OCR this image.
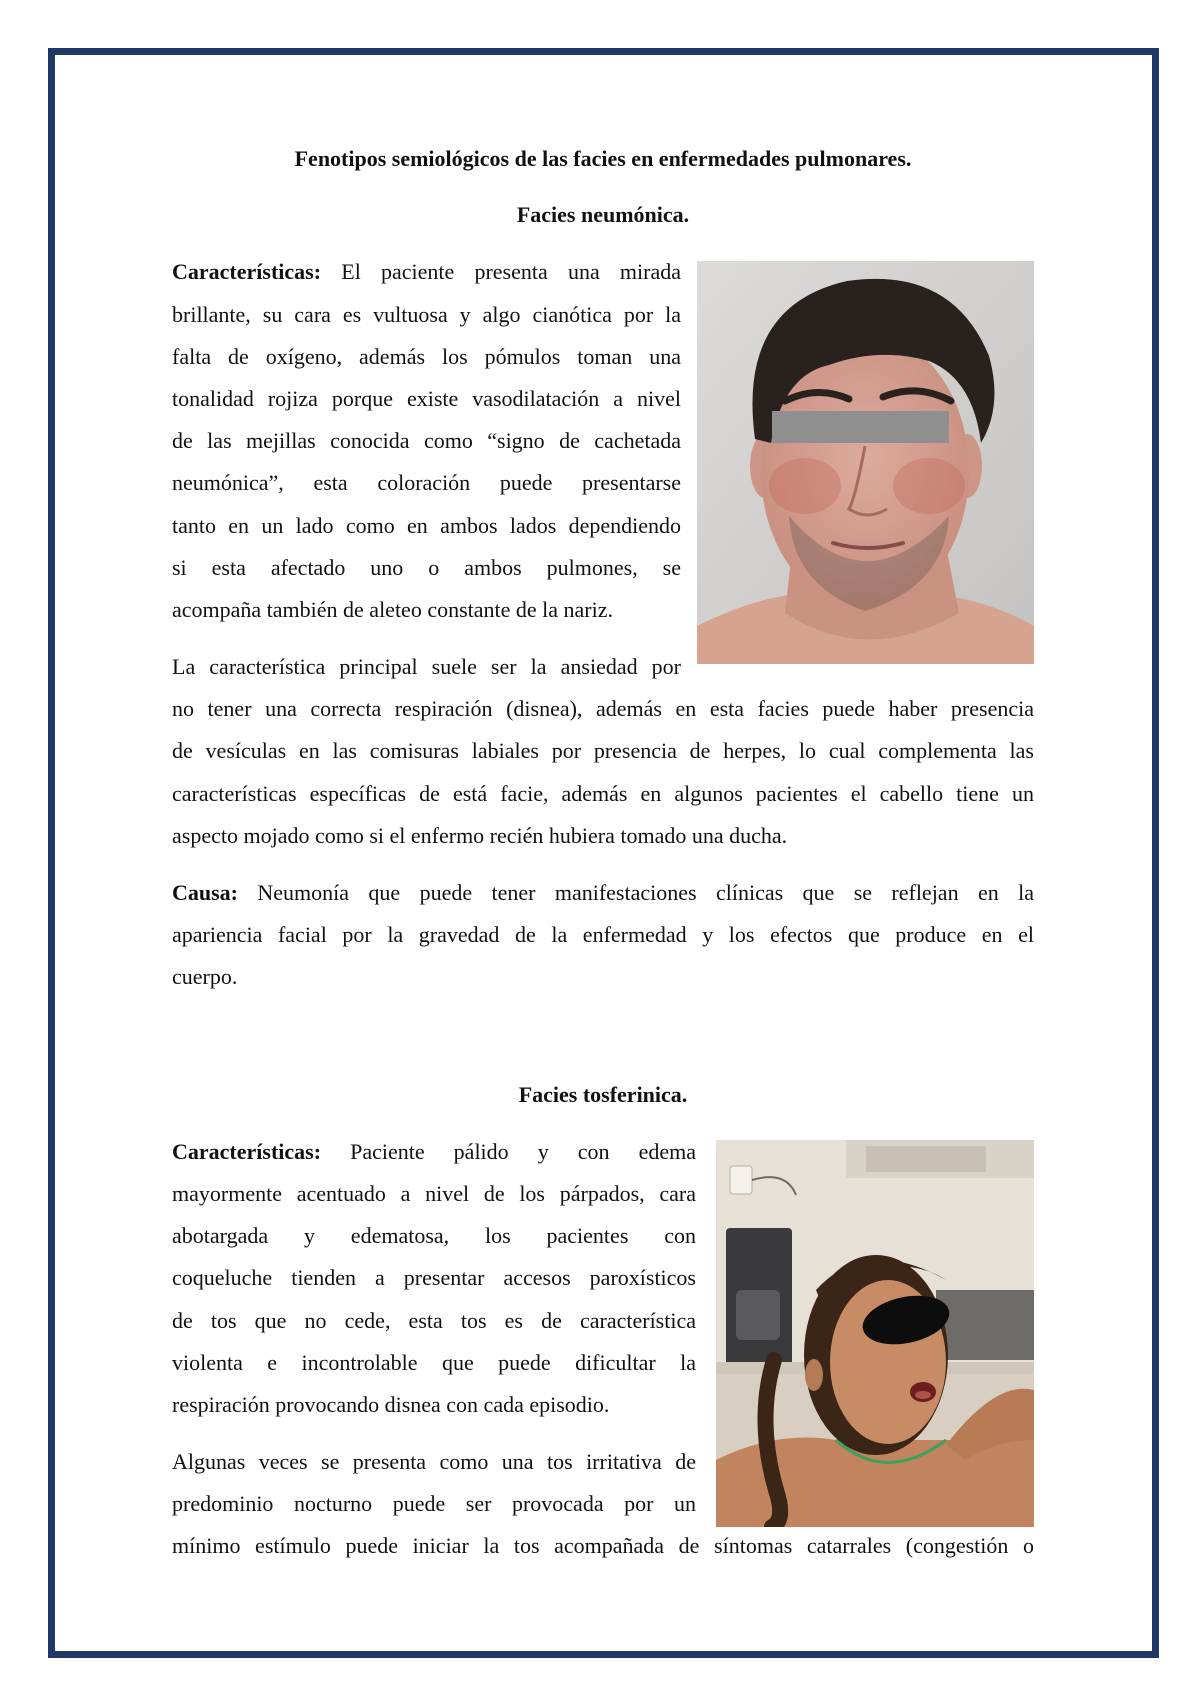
Fenotipos semiológicos de las facies en enfermedades pulmonares.
Facies neumónica.
Características: El paciente presenta una mirada
brillante, su cara es vultuosa y algo cianótica por la
falta de oxígeno, además los pómulos toman una
tonalidad rojiza porque existe vasodilatación a nivel
de las mejillas conocida como “signo de cachetada
neumónica”, esta coloración puede presentarse
tanto en un lado como en ambos lados dependiendo
si esta afectado uno o ambos pulmones, se
acompaña también de aleteo constante de la nariz.
La característica principal suele ser la ansiedad por
no tener una correcta respiración (disnea), además en esta facies puede haber presencia
de vesículas en las comisuras labiales por presencia de herpes, lo cual complementa las
características específicas de está facie, además en algunos pacientes el cabello tiene un
aspecto mojado como si el enfermo recién hubiera tomado una ducha.
Causa: Neumonía que puede tener manifestaciones clínicas que se reflejan en la
apariencia facial por la gravedad de la enfermedad y los efectos que produce en el
cuerpo.
Facies tosferinica.
Características: Paciente pálido y con edema
mayormente acentuado a nivel de los párpados, cara
abotargada y edematosa, los pacientes con
coqueluche tienden a presentar accesos paroxísticos
de tos que no cede, esta tos es de característica
violenta e incontrolable que puede dificultar la
respiración provocando disnea con cada episodio.
Algunas veces se presenta como una tos irritativa de
predominio nocturno puede ser provocada por un
mínimo estímulo puede iniciar la tos acompañada de síntomas catarrales (congestión o
